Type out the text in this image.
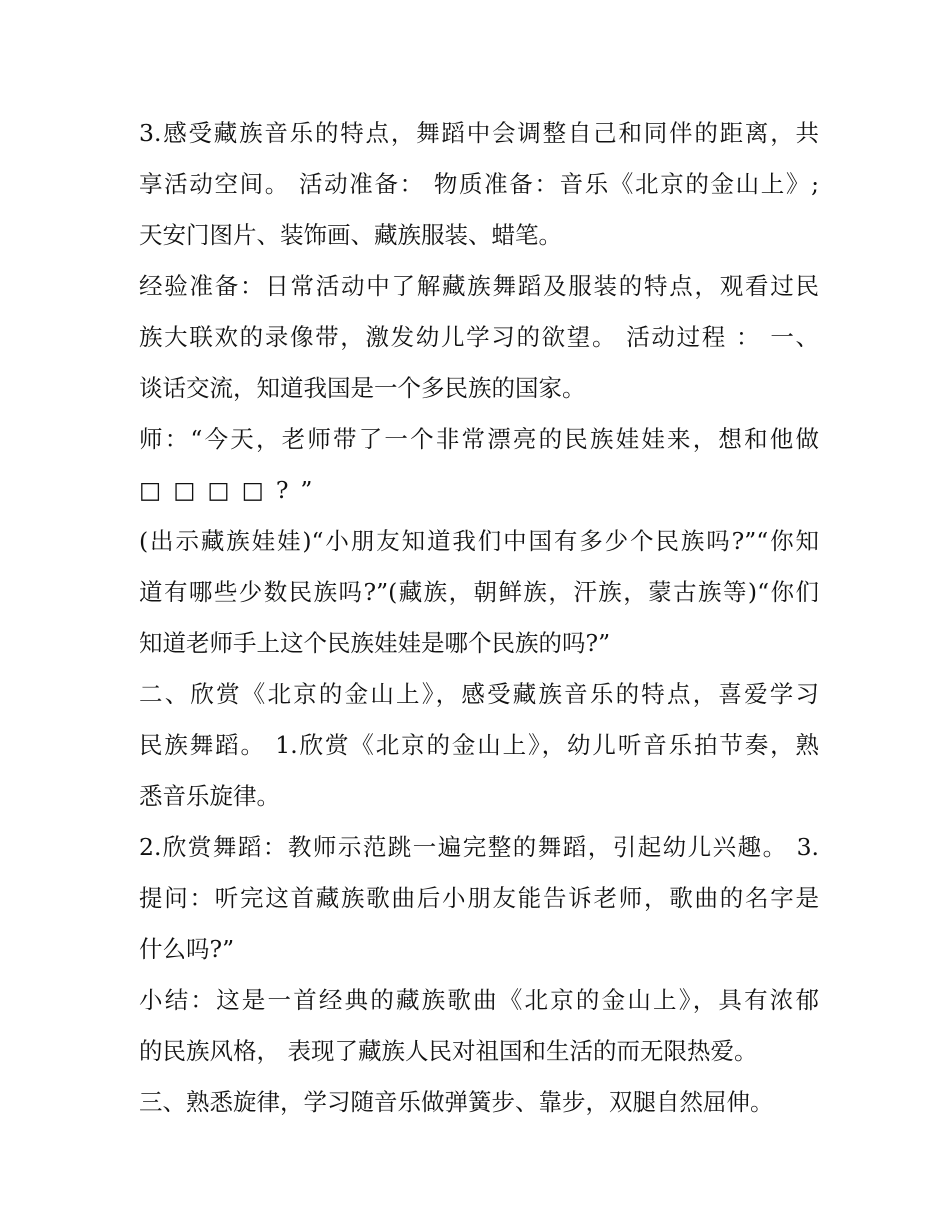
3.感受藏族音乐的特点，舞蹈中会调整自己和同伴的距离，共
享活动空间。 活动准备： 物质准备：音乐《北京的金山上》;
天安门图片、装饰画、藏族服装、蜡笔。
经验准备：日常活动中了解藏族舞蹈及服装的特点，观看过民
族大联欢的录像带，激发幼儿学习的欲望。 活动过程 ： 一、
谈话交流，知道我国是一个多民族的国家。
师：“今天，老师带了一个非常漂亮的民族娃娃来，想和他做
□□□□?”
(出示藏族娃娃)“小朋友知道我们中国有多少个民族吗?”“你知
道有哪些少数民族吗?”(藏族，朝鲜族，汗族，蒙古族等)“你们
知道老师手上这个民族娃娃是哪个民族的吗?”
二、欣赏《北京的金山上》，感受藏族音乐的特点，喜爱学习
民族舞蹈。 1.欣赏《北京的金山上》，幼儿听音乐拍节奏，熟
悉音乐旋律。
2.欣赏舞蹈：教师示范跳一遍完整的舞蹈，引起幼儿兴趣。 3.
提问：听完这首藏族歌曲后小朋友能告诉老师，歌曲的名字是
什么吗?”
小结：这是一首经典的藏族歌曲《北京的金山上》，具有浓郁
的民族风格， 表现了藏族人民对祖国和生活的而无限热爱。
三、熟悉旋律，学习随音乐做弹簧步、靠步，双腿自然屈伸。
